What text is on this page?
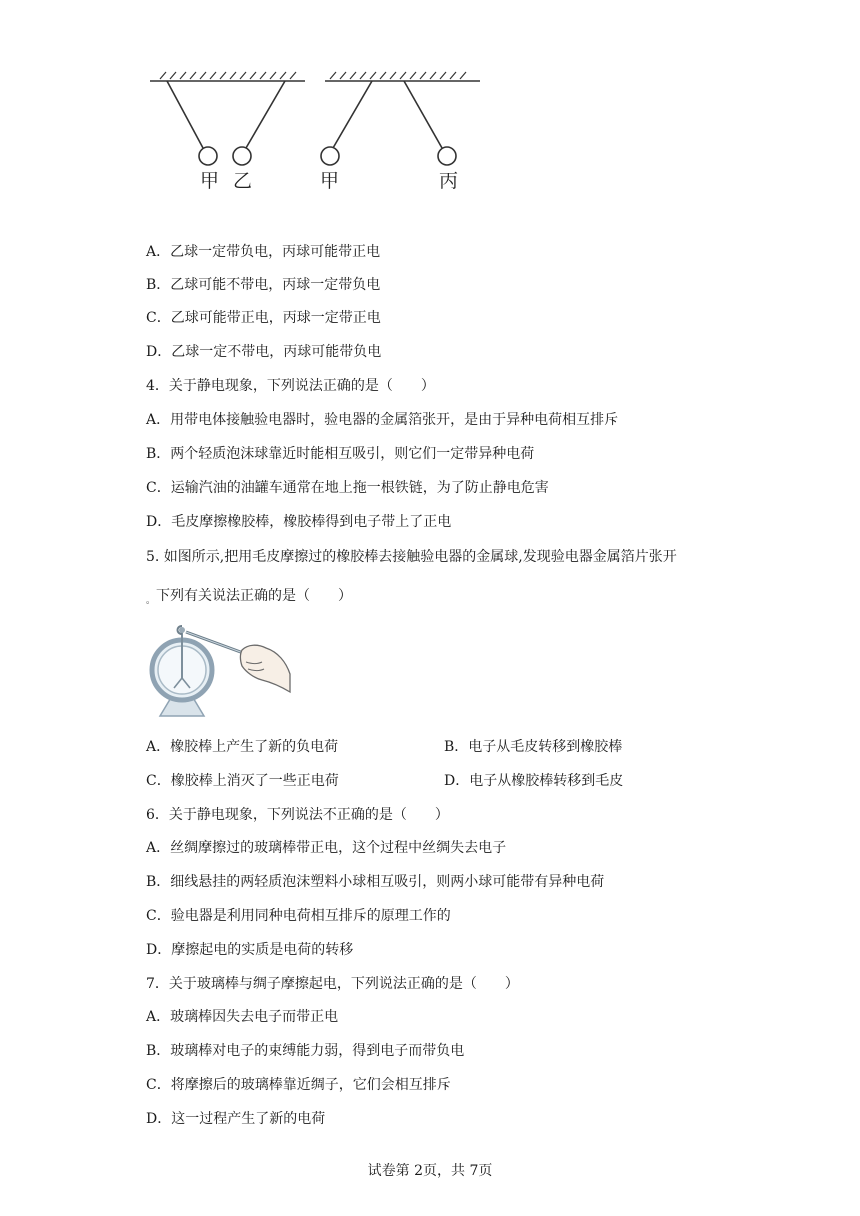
甲 乙	甲	丙
A．乙球一定带负电，丙球可能带正电
B．乙球可能不带电，丙球一定带负电
C．乙球可能带正电，丙球一定带正电
D．乙球一定不带电，丙球可能带负电
4．关于静电现象，下列说法正确的是（　　）
A．用带电体接触验电器时，验电器的金属箔张开，是由于异种电荷相互排斥
B．两个轻质泡沫球靠近时能相互吸引，则它们一定带异种电荷
C．运输汽油的油罐车通常在地上拖一根铁链，为了防止静电危害
D．毛皮摩擦橡胶棒，橡胶棒得到电子带上了正电
5. 如图所示,把用毛皮摩擦过的橡胶棒去接触验电器的金属球,发现验电器金属箔片张开
$_。$下列有关说法正确的是（　　）
A．橡胶棒上产生了新的负电荷	B．电子从毛皮转移到橡胶棒
C．橡胶棒上消灭了一些正电荷	D．电子从橡胶棒转移到毛皮
6．关于静电现象，下列说法不正确的是（　　）
A．丝绸摩擦过的玻璃棒带正电，这个过程中丝绸失去电子
B．细线悬挂的两轻质泡沫塑料小球相互吸引，则两小球可能带有异种电荷
C．验电器是利用同种电荷相互排斥的原理工作的
D．摩擦起电的实质是电荷的转移
7．关于玻璃棒与绸子摩擦起电，下列说法正确的是（　　）
A．玻璃棒因失去电子而带正电
B．玻璃棒对电子的束缚能力弱，得到电子而带负电
C．将摩擦后的玻璃棒靠近绸子，它们会相互排斥
D．这一过程产生了新的电荷
试卷第 2页，共 7页
